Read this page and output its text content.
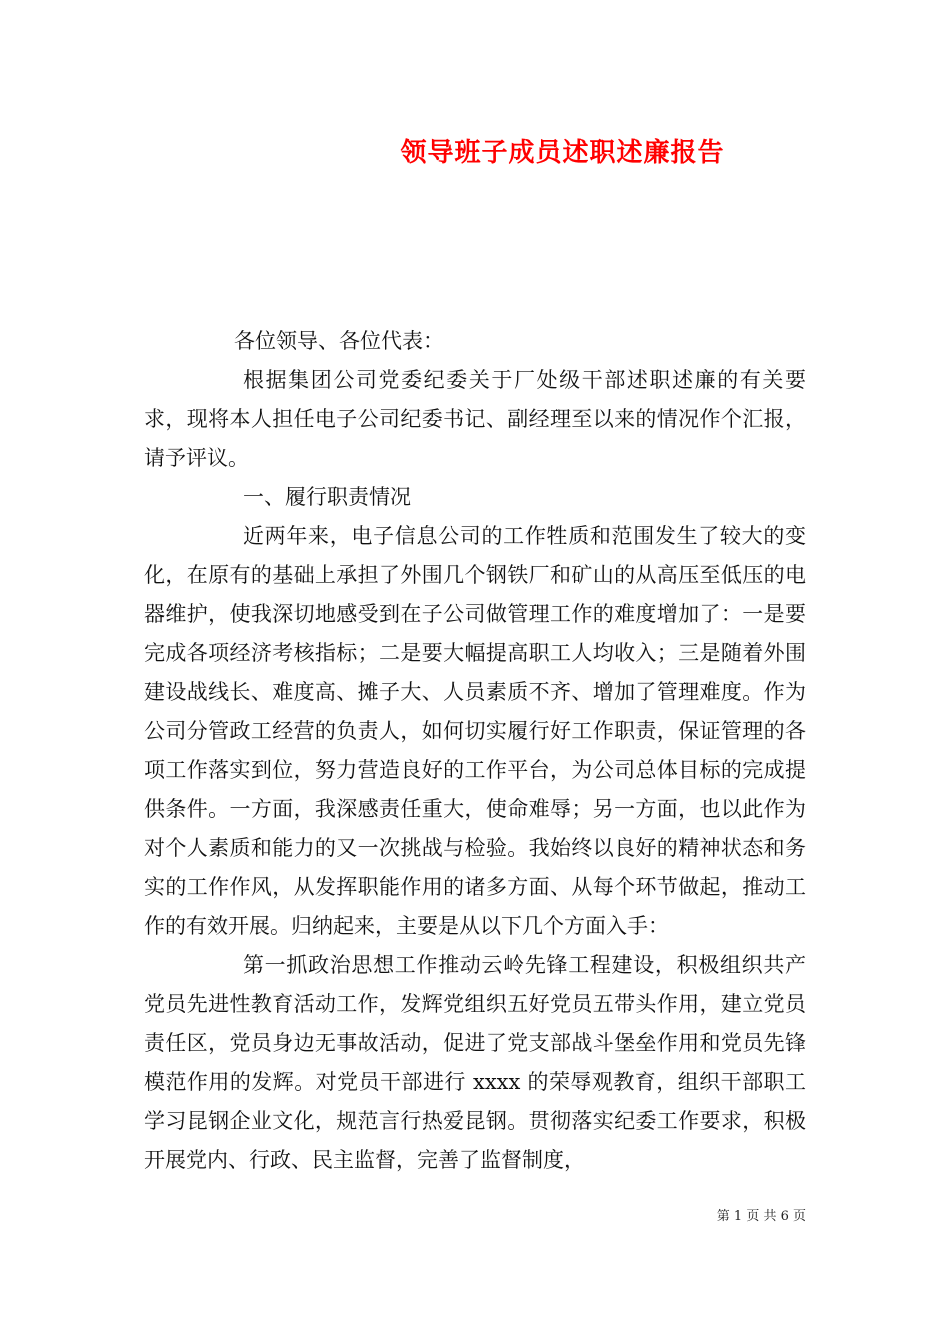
领导班子成员述职述廉报告

各位领导、各位代表：

根据集团公司党委纪委关于厂处级干部述职述廉的有关要求，现将本人担任电子公司纪委书记、副经理至以来的情况作个汇报，请予评议。

一、履行职责情况

近两年来，电子信息公司的工作牲质和范围发生了较大的变化，在原有的基础上承担了外围几个钢铁厂和矿山的从高压至低压的电器维护，使我深切地感受到在子公司做管理工作的难度增加了：一是要完成各项经济考核指标；二是要大幅提高职工人均收入；三是随着外围建设战线长、难度高、摊子大、人员素质不齐、增加了管理难度。作为公司分管政工经营的负责人，如何切实履行好工作职责，保证管理的各项工作落实到位，努力营造良好的工作平台，为公司总体目标的完成提供条件。一方面，我深感责任重大，使命难辱；另一方面，也以此作为对个人素质和能力的又一次挑战与检验。我始终以良好的精神状态和务实的工作作风，从发挥职能作用的诸多方面、从每个环节做起，推动工作的有效开展。归纳起来，主要是从以下几个方面入手：

第一抓政治思想工作推动云岭先锋工程建设，积极组织共产党员先进性教育活动工作，发辉党组织五好党员五带头作用，建立党员责任区，党员身边无事故活动，促进了党支部战斗堡垒作用和党员先锋模范作用的发辉。对党员干部进行 xxxx 的荣辱观教育，组织干部职工学习昆钢企业文化，规范言行热爱昆钢。贯彻落实纪委工作要求，积极开展党内、行政、民主监督，完善了监督制度，

第 1 页 共 6 页
